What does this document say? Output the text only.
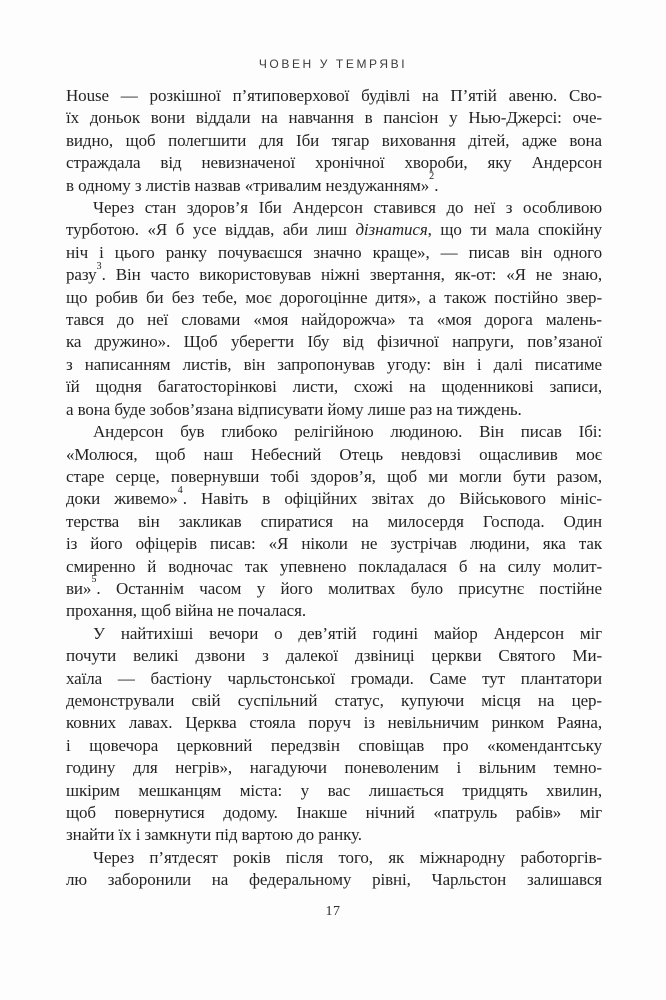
ЧОВЕН У ТЕМРЯВІ
House — розкішної п’ятиповерхової будівлі на П’ятій авеню. Сво-
їх доньок вони віддали на навчання в пансіон у Нью-Джерсі: оче-
видно, щоб полегшити для Іби тягар виховання дітей, адже вона
страждала від невизначеної хронічної хвороби, яку Андерсон
в одному з листів назвав «тривалим нездужанням»$^2$.
Через стан здоров’я Іби Андерсон ставився до неї з особливою
турботою. «Я б усе віддав, аби лиш дізнатися, що ти мала спокійну
ніч і цього ранку почуваєшся значно краще», — писав він одного
разу$^3$. Він часто використовував ніжні звертання, як-от: «Я не знаю,
що робив би без тебе, моє дорогоцінне дитя», а також постійно звер-
тався до неї словами «моя найдорожча» та «моя дорога малень-
ка дружино». Щоб уберегти Ібу від фізичної напруги, пов’язаної
з написанням листів, він запропонував угоду: він і далі писатиме
їй щодня багатосторінкові листи, схожі на щоденникові записи,
а вона буде зобов’язана відписувати йому лише раз на тиждень.
Андерсон був глибоко релігійною людиною. Він писав Ібі:
«Молюся, щоб наш Небесний Отець невдовзі ощасливив моє
старе серце, повернувши тобі здоров’я, щоб ми могли бути разом,
доки живемо»$^4$. Навіть в офіційних звітах до Військового мініс-
терства він закликав спиратися на милосердя Господа. Один
із його офіцерів писав: «Я ніколи не зустрічав людини, яка так
смиренно й водночас так упевнено покладалася б на силу молит-
ви»$^5$. Останнім часом у його молитвах було присутнє постійне
прохання, щоб війна не почалася.
У найтихіші вечори о дев’ятій годині майор Андерсон міг
почути великі дзвони з далекої дзвіниці церкви Святого Ми-
хаїла — бастіону чарльстонської громади. Саме тут плантатори
демонстрували свій суспільний статус, купуючи місця на цер-
ковних лавах. Церква стояла поруч із невільничим ринком Раяна,
і щовечора церковний передзвін сповіщав про «комендантську
годину для негрів», нагадуючи поневоленим і вільним темно-
шкірим мешканцям міста: у вас лишається тридцять хвилин,
щоб повернутися додому. Інакше нічний «патруль рабів» міг
знайти їх і замкнути під вартою до ранку.
Через п’ятдесят років після того, як міжнародну работоргів-
лю заборонили на федеральному рівні, Чарльстон залишався
17
